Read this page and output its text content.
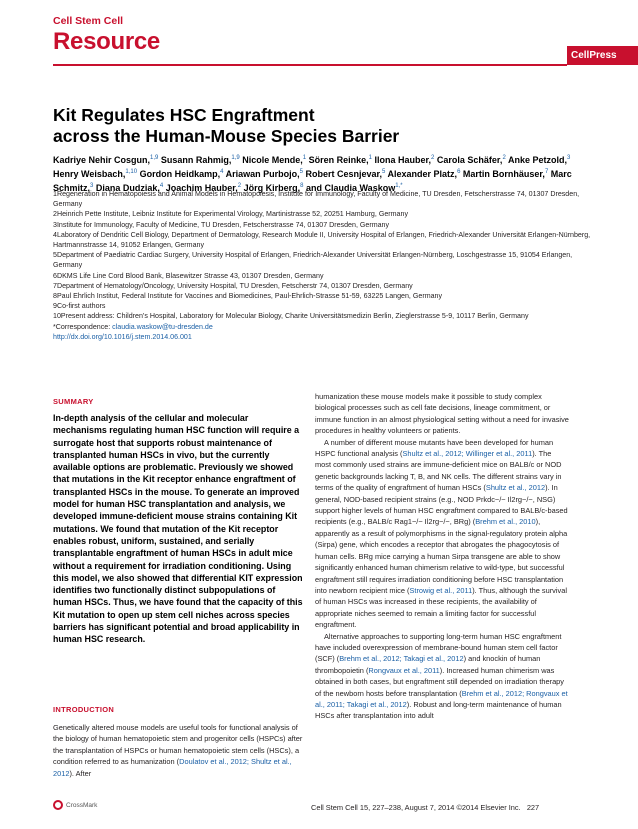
Cell Stem Cell
Resource
CellPress
Kit Regulates HSC Engraftment
across the Human-Mouse Species Barrier
Kadriye Nehir Cosgun,$^{1,9}$ Susann Rahmig,$^{1,9}$ Nicole Mende,$^1$ Sören Reinke,$^1$ Ilona Hauber,$^2$ Carola Schäfer,$^2$ Anke Petzold,$^3$ Henry Weisbach,$^{1,10}$ Gordon Heidkamp,$^4$ Ariawan Purbojo,$^5$ Robert Cesnjevar,$^5$ Alexander Platz,$^6$ Martin Bornhäuser,$^7$ Marc Schmitz,$^3$ Diana Dudziak,$^4$ Joachim Hauber,$^2$ Jörg Kirberg,$^8$ and Claudia Waskow$^{1,*}$

1Regeneration in Hematopoiesis and Animal Models in Hematopoiesis, Institute for Immunology, Faculty of Medicine, TU Dresden, Fetscherstrasse 74, 01307 Dresden, Germany

2Heinrich Pette Institute, Leibniz Institute for Experimental Virology, Martinistrasse 52, 20251 Hamburg, Germany

3Institute for Immunology, Faculty of Medicine, TU Dresden, Fetscherstrasse 74, 01307 Dresden, Germany

4Laboratory of Dendritic Cell Biology, Department of Dermatology, Research Module II, University Hospital of Erlangen, Friedrich-Alexander Universität Erlangen-Nürnberg, Hartmannstrasse 14, 91052 Erlangen, Germany

5Department of Paediatric Cardiac Surgery, University Hospital of Erlangen, Friedrich-Alexander Universität Erlangen-Nürnberg, Loschgestrasse 15, 91054 Erlangen, Germany

6DKMS Life Line Cord Blood Bank, Blasewitzer Strasse 43, 01307 Dresden, Germany

7Department of Hematology/Oncology, University Hospital, TU Dresden, Fetscherstr 74, 01307 Dresden, Germany

8Paul Ehrlich Institut, Federal Institute for Vaccines and Biomedicines, Paul-Ehrlich-Strasse 51-59, 63225 Langen, Germany

9Co-first authors

10Present address: Children’s Hospital, Laboratory for Molecular Biology, Charite Universitätsmedizin Berlin, Zieglerstrasse 5-9, 10117 Berlin, Germany

*Correspondence: claudia.waskow@tu-dresden.de

http://dx.doi.org/10.1016/j.stem.2014.06.001

SUMMARY
In-depth analysis of the cellular and molecular mechanisms regulating human HSC function will require a surrogate host that supports robust maintenance of transplanted human HSCs in vivo, but the currently available options are problematic. Previously we showed that mutations in the Kit receptor enhance engraftment of transplanted HSCs in the mouse. To generate an improved model for human HSC transplantation and analysis, we developed immune-deficient mouse strains containing Kit mutations. We found that mutation of the Kit receptor enables robust, uniform, sustained, and serially transplantable engraftment of human HSCs in adult mice without a requirement for irradiation conditioning. Using this model, we also showed that differential KIT expression identifies two functionally distinct subpopulations of human HSCs. Thus, we have found that the capacity of this Kit mutation to open up stem cell niches across species barriers has significant potential and broad applicability in human HSC research.
INTRODUCTION
Genetically altered mouse models are useful tools for functional analysis of the biology of human hematopoietic stem and progenitor cells (HSPCs) after the transplantation of HSPCs or human hematopoietic stem cells (HSCs), a condition referred to as humanization (Doulatov et al., 2012; Shultz et al., 2012). After

humanization these mouse models make it possible to study complex biological processes such as cell fate decisions, lineage commitment, or immune function in an almost physiological setting without a need for invasive procedures in healthy volunteers or patients.

A number of different mouse mutants have been developed for human HSPC functional analysis (Shultz et al., 2012; Willinger et al., 2011). The most commonly used strains are immune-deficient mice on BALB/c or NOD genetic backgrounds lacking T, B, and NK cells. The different strains vary in terms of the quality of engraftment of human HSCs (Shultz et al., 2012). In general, NOD-based recipient strains (e.g., NOD Prkdc−/− Il2rg−/−, NSG) support higher levels of human HSC engraftment compared to BALB/c-based recipients (e.g., BALB/c Rag1−/− Il2rg−/−, BRg) (Brehm et al., 2010), apparently as a result of polymorphisms in the signal-regulatory protein alpha (Sirpa) gene, which encodes a receptor that abrogates the phagocytosis of human cells. BRg mice carrying a human Sirpa transgene are able to show significantly enhanced human chimerism relative to wild-type, but successful engraftment still requires irradiation conditioning before HSC transplantation into newborn recipient mice (Strowig et al., 2011). Thus, although the survival of human HSCs was increased in these recipients, the availability of appropriate niches seemed to remain a limiting factor for successful engraftment.

Alternative approaches to supporting long-term human HSC engraftment have included overexpression of membrane-bound human stem cell factor (SCF) (Brehm et al., 2012; Takagi et al., 2012) and knockin of human thrombopoietin (Rongvaux et al., 2011). Increased human chimerism was obtained in both cases, but engraftment still depended on irradiation therapy of the newborn hosts before transplantation (Brehm et al., 2012; Rongvaux et al., 2011; Takagi et al., 2012). Robust and long-term maintenance of human HSCs after transplantation into adult

CrossMark	Cell Stem Cell 15, 227–238, August 7, 2014 ©2014 Elsevier Inc. 227
